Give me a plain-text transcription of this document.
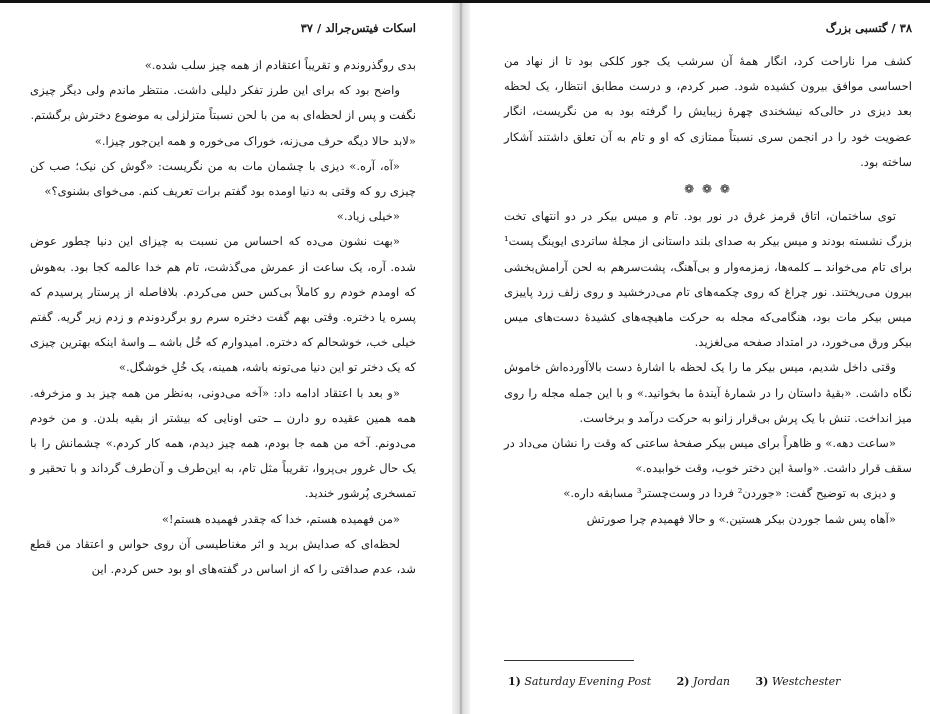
اسکات فیتس‌جرالد / ۳۷

بدی روگذروندم و تقریباً اعتقادم از همه چیز سلب شده.»

واضح بود که برای این طرز تفکر دلیلی داشت. منتظر ماندم ولی دیگر چیزی نگفت و پس از لحظه‌ای به من با لحن نسبتاً متزلزلی به موضوع دخترش برگشتم.

«لابد حالا دیگه حرف می‌زنه، خوراک می‌خوره و همه این‌جور چیزا.»

«آه، آره.» دیزی با چشمان مات به من نگریست: «گوش کن نیک؛ صب کن چیزی رو که وقتی به دنیا اومده بود گفتم برات تعریف کنم. می‌خوای بشنوی؟»

«خیلی زیاد.»

«بهت نشون می‌ده که احساس من نسبت به چیزای این دنیا چطور عوض شده. آره، یک ساعت از عمرش می‌گذشت، تام هم خدا عالمه کجا بود. به‌هوش که اومدم خودم رو کاملاً بی‌کس حس می‌کردم. بلافاصله از پرستار پرسیدم که پسره یا دختره. وقتی بهم گفت دختره سرم رو برگردوندم و زدم زیر گریه. گفتم خیلی خب، خوشحالم که دختره. امیدوارم که خُل باشه ــ واسهٔ اینکه بهترین چیزی که یک دختر تو این دنیا می‌تونه باشه، همینه، یک خُلِ خوشگل.»

«و بعد با اعتقاد ادامه داد: «آخه می‌دونی، به‌نظر من همه چیز بد و مزخرفه. همه همین عقیده رو دارن ــ حتی اونایی که بیشتر از بقیه بلدن. و من خودم می‌دونم. آخه من همه جا بودم، همه چیز دیدم، همه کار کردم.» چشمانش را با یک حال غرور بی‌پروا، تقریباً مثل تام، به این‌طرف و آن‌طرف گرداند و با تحقیر و تمسخری پُرشور خندید.

«من فهمیده هستم، خدا که چقدر فهمیده هستم!»

لحظه‌ای که صدایش برید و اثر مغناطیسی آن روی حواس و اعتقاد من قطع شد، عدم صداقتی را که از اساس در گفته‌های او بود حس کردم. این

۳۸ / گتسبی بزرگ

کشف مرا ناراحت کرد، انگار همهٔ آن سرشب یک جور کلکی بود تا از نهاد من احساسی موافق بیرون کشیده شود. صبر کردم، و درست مطابق انتظار، یک لحظه بعد دیزی در حالی‌که نیشخندی چهرهٔ زیبایش را گرفته بود به من نگریست، انگار عضویت خود را در انجمن سری نسبتاً ممتازی که او و تام به آن تعلق داشتند آشکار ساخته بود.

❁ ❁ ❁

توی ساختمان، اتاق قرمز غرق در نور بود. تام و میس بیکر در دو انتهای تخت بزرگ نشسته بودند و میس بیکر به صدای بلند داستانی از مجلهٔ ساتردی ایوینگ پست¹ برای تام می‌خواند ــ کلمه‌ها، زمزمه‌وار و بی‌آهنگ، پشت‌سرهم به لحن آرامش‌بخشی بیرون می‌ریختند. نور چراغ که روی چکمه‌های تام می‌درخشید و روی زلف زرد پاییزی میس بیکر مات بود، هنگامی‌که مجله به حرکت ماهیچه‌های کشیدهٔ دست‌های میس بیکر ورق می‌خورد، در امتداد صفحه می‌لغزید.

وقتی داخل شدیم، میس بیکر ما را یک لحظه با اشارهٔ دست بالاآورده‌اش خاموش نگاه داشت. «بقیهٔ داستان را در شمارهٔ آیندهٔ ما بخوانید.» و با این جمله مجله را روی میز انداخت. تنش با یک پرش بی‌قرار زانو به حرکت درآمد و برخاست.

«ساعت دهه.» و ظاهراً برای میس بیکر صفحهٔ ساعتی که وقت را نشان می‌داد در سقف قرار داشت. «واسهٔ این دختر خوب، وقت خوابیده.»

و دیزی به توضیح گفت: «جوردن² فردا در وست‌چستر³ مسابقه داره.»

«آهاه پس شما جوردن بیکر هستین.» و حالا فهمیدم چرا صورتش

1) Saturday Evening Post 2) Jordan 3) Westchester
